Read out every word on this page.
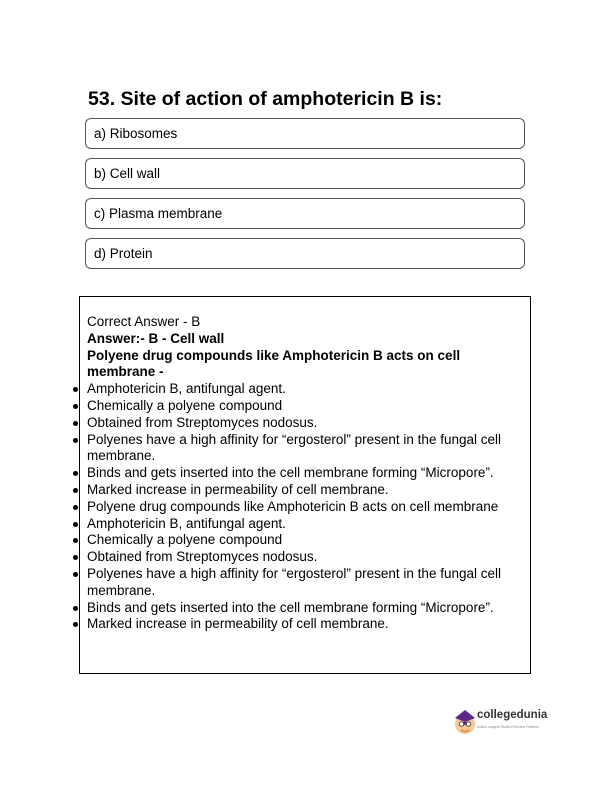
53. Site of action of amphotericin B is:
a) Ribosomes
b) Cell wall
c) Plasma membrane
d) Protein
Correct Answer - B
Answer:- B - Cell wall
Polyene drug compounds like Amphotericin B acts on cell membrane -
Amphotericin B, antifungal agent.
Chemically a polyene compound
Obtained from Streptomyces nodosus.
Polyenes have a high affinity for “ergosterol” present in the fungal cell membrane.
Binds and gets inserted into the cell membrane forming “Micropore”.
Marked increase in permeability of cell membrane.
Polyene drug compounds like Amphotericin B acts on cell membrane
Amphotericin B, antifungal agent.
Chemically a polyene compound
Obtained from Streptomyces nodosus.
Polyenes have a high affinity for “ergosterol” present in the fungal cell membrane.
Binds and gets inserted into the cell membrane forming “Micropore”.
Marked increase in permeability of cell membrane.
collegedunia
India's Largest Student Review Platform
